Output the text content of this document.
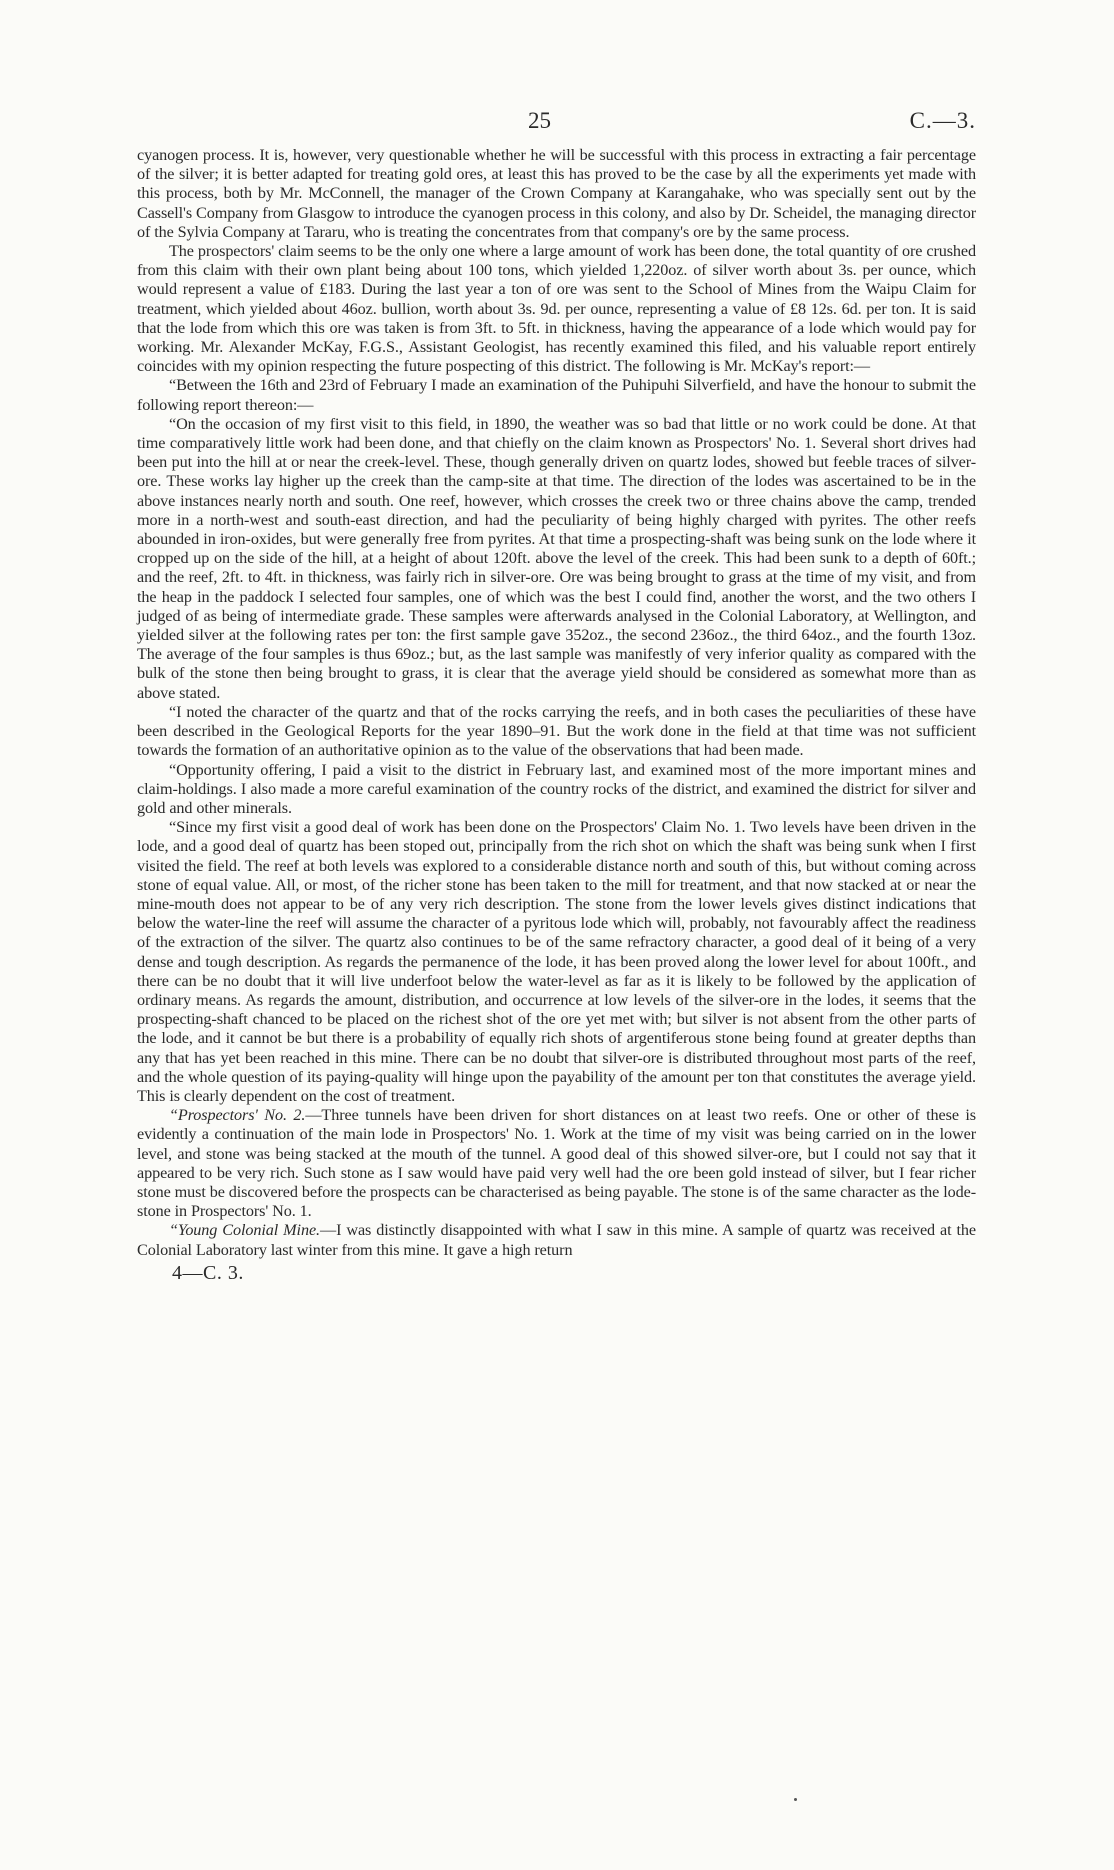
25	C.—3.

cyanogen process. It is, however, very questionable whether he will be successful with this process in extracting a fair percentage of the silver; it is better adapted for treating gold ores, at least this has proved to be the case by all the experiments yet made with this process, both by Mr. McConnell, the manager of the Crown Company at Karangahake, who was specially sent out by the Cassell's Company from Glasgow to introduce the cyanogen process in this colony, and also by Dr. Scheidel, the managing director of the Sylvia Company at Tararu, who is treating the concentrates from that company's ore by the same process.

The prospectors' claim seems to be the only one where a large amount of work has been done, the total quantity of ore crushed from this claim with their own plant being about 100 tons, which yielded 1,220oz. of silver worth about 3s. per ounce, which would represent a value of £183. During the last year a ton of ore was sent to the School of Mines from the Waipu Claim for treatment, which yielded about 46oz. bullion, worth about 3s. 9d. per ounce, representing a value of £8 12s. 6d. per ton. It is said that the lode from which this ore was taken is from 3ft. to 5ft. in thickness, having the appearance of a lode which would pay for working. Mr. Alexander McKay, F.G.S., Assistant Geologist, has recently examined this filed, and his valuable report entirely coincides with my opinion respecting the future pospecting of this district. The following is Mr. McKay's report:—

“Between the 16th and 23rd of February I made an examination of the Puhipuhi Silverfield, and have the honour to submit the following report thereon:—

“On the occasion of my first visit to this field, in 1890, the weather was so bad that little or no work could be done. At that time comparatively little work had been done, and that chiefly on the claim known as Prospectors' No. 1. Several short drives had been put into the hill at or near the creek-level. These, though generally driven on quartz lodes, showed but feeble traces of silver-ore. These works lay higher up the creek than the camp-site at that time. The direction of the lodes was ascertained to be in the above instances nearly north and south. One reef, however, which crosses the creek two or three chains above the camp, trended more in a north-west and south-east direction, and had the peculiarity of being highly charged with pyrites. The other reefs abounded in iron-oxides, but were generally free from pyrites. At that time a prospecting-shaft was being sunk on the lode where it cropped up on the side of the hill, at a height of about 120ft. above the level of the creek. This had been sunk to a depth of 60ft.; and the reef, 2ft. to 4ft. in thickness, was fairly rich in silver-ore. Ore was being brought to grass at the time of my visit, and from the heap in the paddock I selected four samples, one of which was the best I could find, another the worst, and the two others I judged of as being of intermediate grade. These samples were afterwards analysed in the Colonial Laboratory, at Wellington, and yielded silver at the following rates per ton: the first sample gave 352oz., the second 236oz., the third 64oz., and the fourth 13oz. The average of the four samples is thus 69oz.; but, as the last sample was manifestly of very inferior quality as compared with the bulk of the stone then being brought to grass, it is clear that the average yield should be considered as somewhat more than as above stated.

“I noted the character of the quartz and that of the rocks carrying the reefs, and in both cases the peculiarities of these have been described in the Geological Reports for the year 1890–91. But the work done in the field at that time was not sufficient towards the formation of an authoritative opinion as to the value of the observations that had been made.

“Opportunity offering, I paid a visit to the district in February last, and examined most of the more important mines and claim-holdings. I also made a more careful examination of the country rocks of the district, and examined the district for silver and gold and other minerals.

“Since my first visit a good deal of work has been done on the Prospectors' Claim No. 1. Two levels have been driven in the lode, and a good deal of quartz has been stoped out, principally from the rich shot on which the shaft was being sunk when I first visited the field. The reef at both levels was explored to a considerable distance north and south of this, but without coming across stone of equal value. All, or most, of the richer stone has been taken to the mill for treatment, and that now stacked at or near the mine-mouth does not appear to be of any very rich description. The stone from the lower levels gives distinct indications that below the water-line the reef will assume the character of a pyritous lode which will, probably, not favourably affect the readiness of the extraction of the silver. The quartz also continues to be of the same refractory character, a good deal of it being of a very dense and tough description. As regards the permanence of the lode, it has been proved along the lower level for about 100ft., and there can be no doubt that it will live underfoot below the water-level as far as it is likely to be followed by the application of ordinary means. As regards the amount, distribution, and occurrence at low levels of the silver-ore in the lodes, it seems that the prospecting-shaft chanced to be placed on the richest shot of the ore yet met with; but silver is not absent from the other parts of the lode, and it cannot be but there is a probability of equally rich shots of argentiferous stone being found at greater depths than any that has yet been reached in this mine. There can be no doubt that silver-ore is distributed throughout most parts of the reef, and the whole question of its paying-quality will hinge upon the payability of the amount per ton that constitutes the average yield. This is clearly dependent on the cost of treatment.

“Prospectors' No. 2.—Three tunnels have been driven for short distances on at least two reefs. One or other of these is evidently a continuation of the main lode in Prospectors' No. 1. Work at the time of my visit was being carried on in the lower level, and stone was being stacked at the mouth of the tunnel. A good deal of this showed silver-ore, but I could not say that it appeared to be very rich. Such stone as I saw would have paid very well had the ore been gold instead of silver, but I fear richer stone must be discovered before the prospects can be characterised as being payable. The stone is of the same character as the lode-stone in Prospectors' No. 1.

“Young Colonial Mine.—I was distinctly disappointed with what I saw in this mine. A sample of quartz was received at the Colonial Laboratory last winter from this mine. It gave a high return

4—C. 3.
